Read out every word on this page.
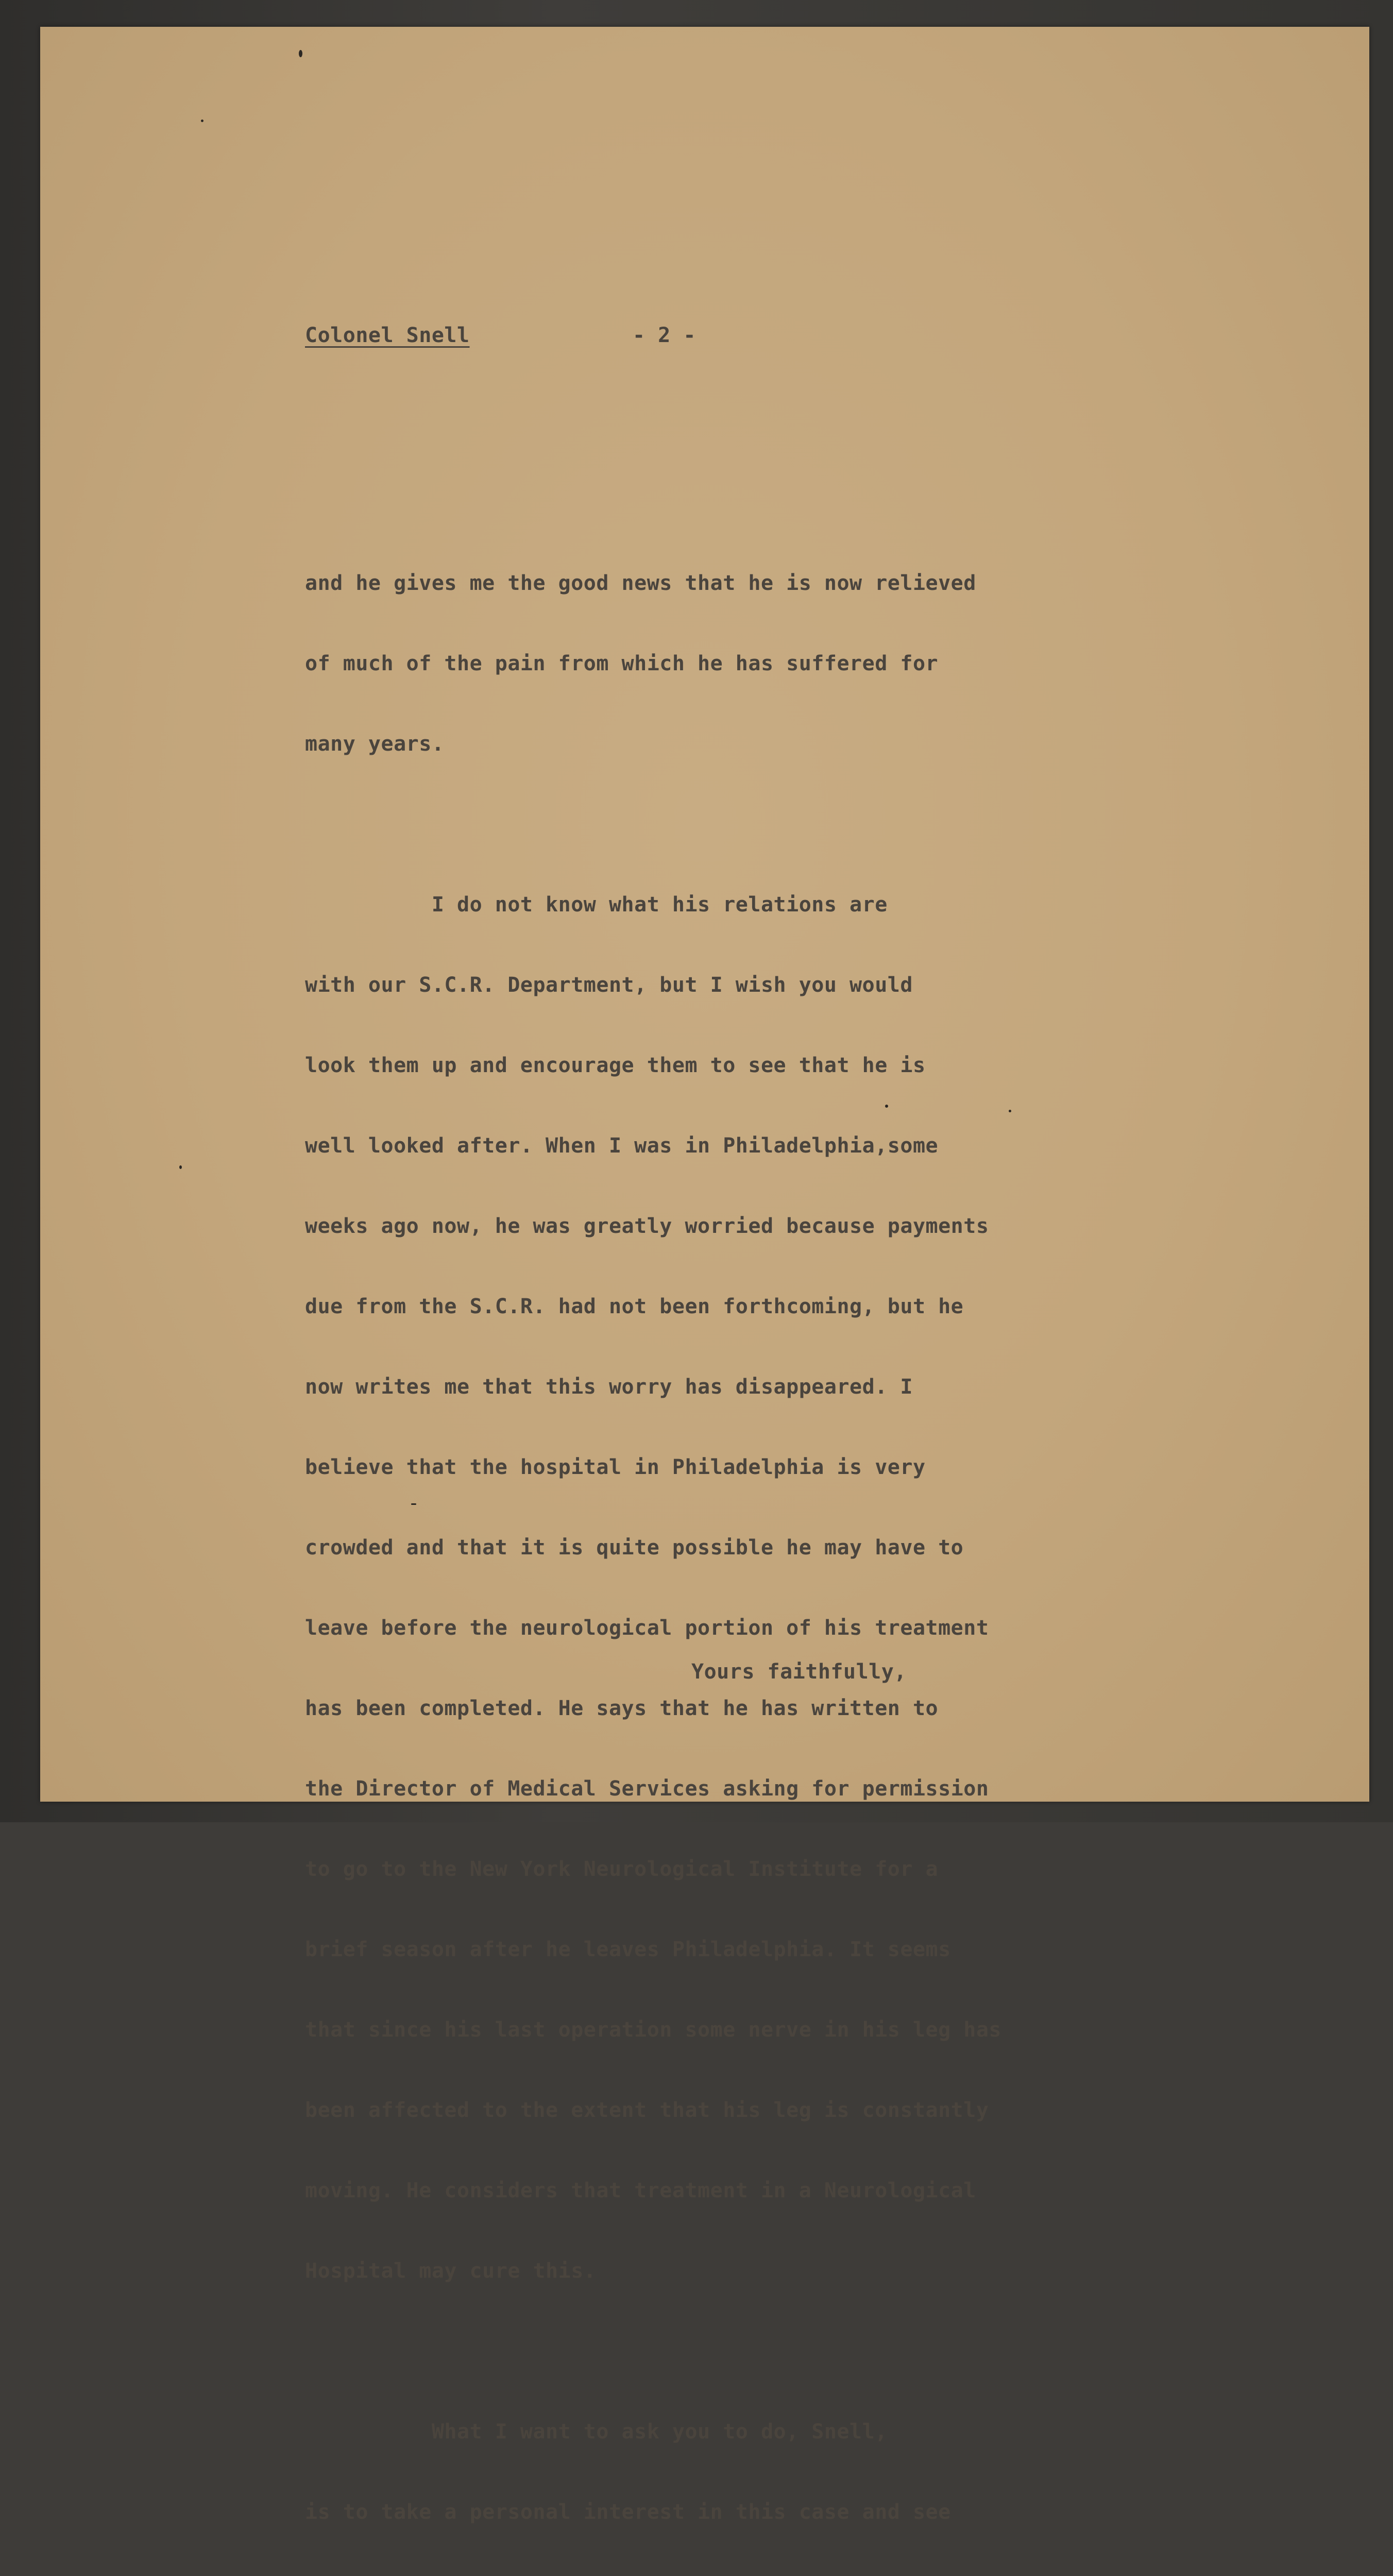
Colonel Snell	- 2 -

and he gives me the good news that he is now relieved

of much of the pain from which he has suffered for

many years.

I do not know what his relations are

with our S.C.R. Department, but I wish you would

look them up and encourage them to see that he is

well looked after. When I was in Philadelphia,some

weeks ago now, he was greatly worried because payments

due from the S.C.R. had not been forthcoming, but he

now writes me that this worry has disappeared. I

believe that the hospital in Philadelphia is very

crowded and that it is quite possible he may have to

leave before the neurological portion of his treatment

has been completed. He says that he has written to

the Director of Medical Services asking for permission

to go to the New York Neurological Institute for a

brief season after he leaves Philadelphia. It seems

that since his last operation some nerve in his leg has

been affected to the extent that his leg is constantly

moving. He considers that treatment in a Neurological

Hospital may cure this.

What I want to ask you to do, Snell,

is to take a personal interest in this case and see

Yours faithfully,
